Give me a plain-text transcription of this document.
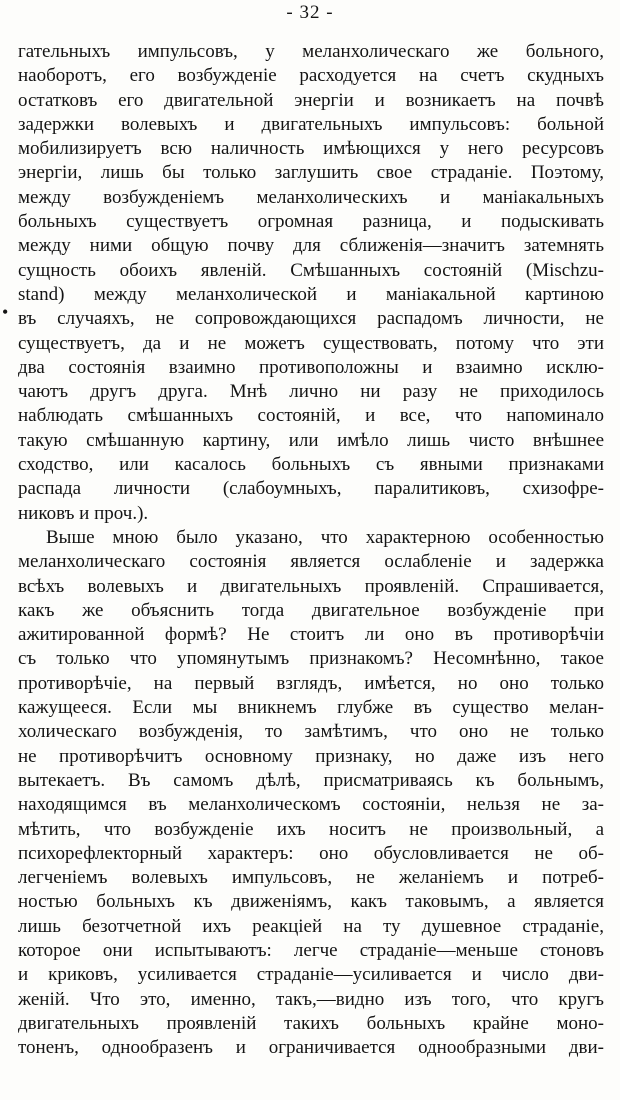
- 32 -
•
гательныхъ импульсовъ, у меланхолическаго же больного,
наоборотъ, его возбужденіе расходуется на счетъ скудныхъ
остатковъ его двигательной энергіи и возникаетъ на почвѣ
задержки волевыхъ и двигательныхъ импульсовъ: больной
мобилизируетъ всю наличность имѣющихся у него ресурсовъ
энергіи, лишь бы только заглушить свое страданіе. Поэтому,
между возбужденіемъ меланхолическихъ и маніакальныхъ
больныхъ существуетъ огромная разница, и подыскивать
между ними общую почву для сближенія—значитъ затемнять
сущность обоихъ явленій. Смѣшанныхъ состояній (Mischzu-
stand) между меланхолической и маніакальной картиною
въ случаяхъ, не сопровождающихся распадомъ личности, не
существуетъ, да и не можетъ существовать, потому что эти
два состоянія взаимно противоположны и взаимно исклю-
чаютъ другъ друга. Мнѣ лично ни разу не приходилось
наблюдать смѣшанныхъ состояній, и все, что напоминало
такую смѣшанную картину, или имѣло лишь чисто внѣшнее
сходство, или касалось больныхъ съ явными признаками
распада личности (слабоумныхъ, паралитиковъ, схизофре-
никовъ и проч.).
Выше мною было указано, что характерною особенностью
меланхолическаго состоянія является ослабленіе и задержка
всѣхъ волевыхъ и двигательныхъ проявленій. Спрашивается,
какъ же объяснить тогда двигательное возбужденіе при
ажитированной формѣ? Не стоитъ ли оно въ противорѣчіи
съ только что упомянутымъ признакомъ? Несомнѣнно, такое
противорѣчіе, на первый взглядъ, имѣется, но оно только
кажущееся. Если мы вникнемъ глубже въ существо мелан-
холическаго возбужденія, то замѣтимъ, что оно не только
не противорѣчитъ основному признаку, но даже изъ него
вытекаетъ. Въ самомъ дѣлѣ, присматриваясь къ больнымъ,
находящимся въ меланхолическомъ состояніи, нельзя не за-
мѣтить, что возбужденіе ихъ носитъ не произвольный, а
психорефлекторный характеръ: оно обусловливается не об-
легченіемъ волевыхъ импульсовъ, не желаніемъ и потреб-
ностью больныхъ къ движеніямъ, какъ таковымъ, а является
лишь безотчетной ихъ реакціей на ту душевное страданіе,
которое они испытываютъ: легче страданіе—меньше стоновъ
и криковъ, усиливается страданіе—усиливается и число дви-
женій. Что это, именно, такъ,—видно изъ того, что кругъ
двигательныхъ проявленій такихъ больныхъ крайне моно-
тоненъ, однообразенъ и ограничивается однообразными дви-
